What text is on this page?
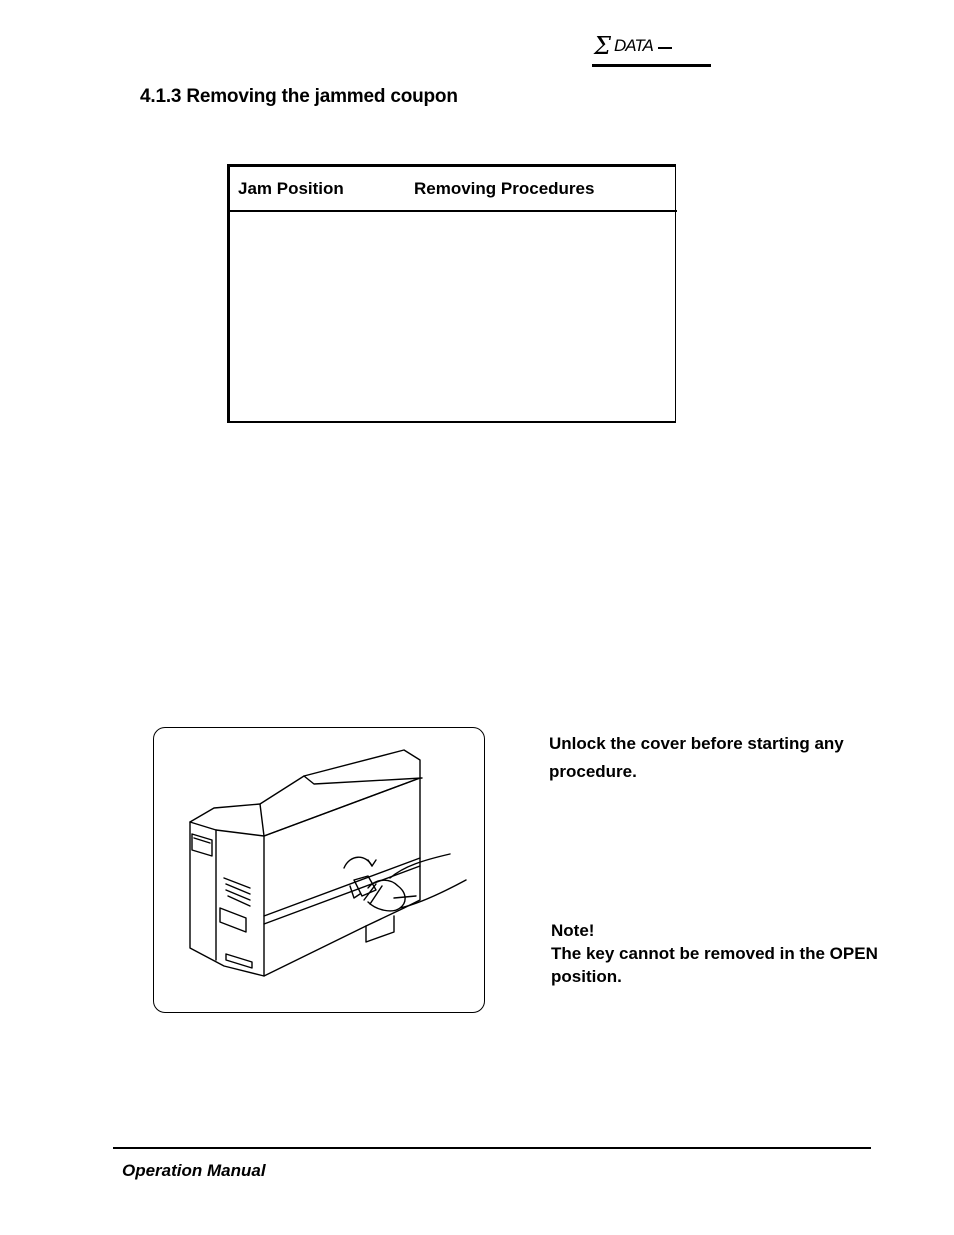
Σ DATA
4.1.3 Removing the jammed coupon
Jam Position	Removing Procedures
Unlock the cover before starting any procedure.
Note!
The key cannot be removed in the OPEN position.
Operation Manual
